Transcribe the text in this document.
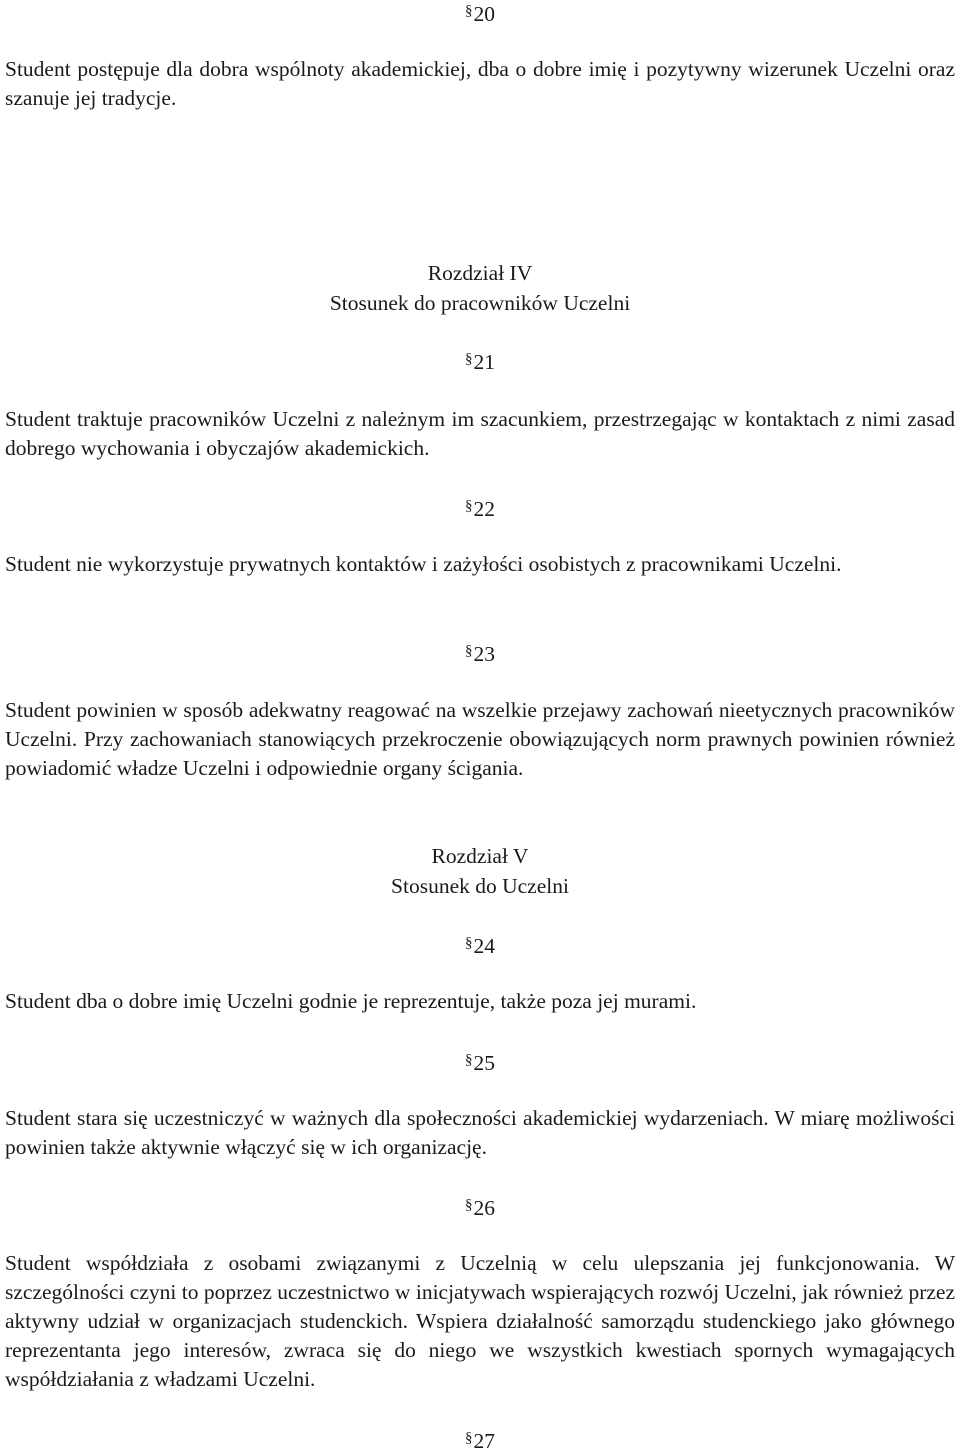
§20
Student postępuje dla dobra wspólnoty akademickiej, dba o dobre imię i pozytywny wizerunek Uczelni oraz szanuje jej tradycje.
Rozdział IV
Stosunek do pracowników Uczelni
§21
Student traktuje pracowników Uczelni z należnym im szacunkiem, przestrzegając w kontaktach z nimi zasad dobrego wychowania i obyczajów akademickich.
§22
Student nie wykorzystuje prywatnych kontaktów i zażyłości osobistych z pracownikami Uczelni.
§23
Student powinien w sposób adekwatny reagować na wszelkie przejawy zachowań nieetycznych pracowników Uczelni. Przy zachowaniach stanowiących przekroczenie obowiązujących norm prawnych powinien również powiadomić władze Uczelni i odpowiednie organy ścigania.
Rozdział V
Stosunek do Uczelni
§24
Student dba o dobre imię Uczelni godnie je reprezentuje, także poza jej murami.
§25
Student stara się uczestniczyć w ważnych dla społeczności akademickiej wydarzeniach. W miarę możliwości powinien także aktywnie włączyć się w ich organizację.
§26
Student współdziała z osobami związanymi z Uczelnią w celu ulepszania jej funkcjonowania. W szczególności czyni to poprzez uczestnictwo w inicjatywach wspierających rozwój Uczelni, jak również przez aktywny udział w organizacjach studenckich. Wspiera działalność samorządu studenckiego jako głównego reprezentanta jego interesów, zwraca się do niego we wszystkich kwestiach spornych wymagających współdziałania z władzami Uczelni.
§27
